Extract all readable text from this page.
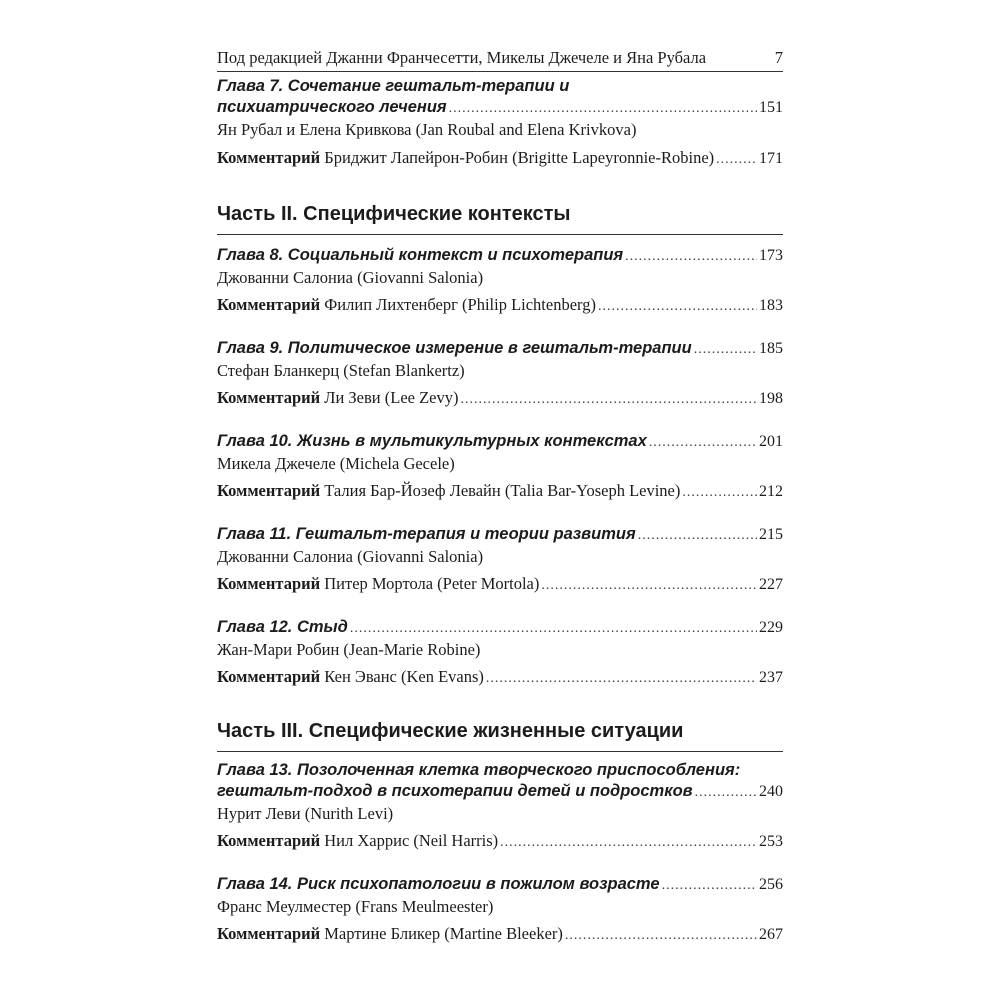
Под редакцией Джанни Франчесетти, Микелы Джечеле и Яна Рубала	7
Глава 7. Сочетание гештальт-терапии и
психиатрического лечения .....	151
Ян Рубал и Елена Кривкова (Jan Roubal and Elena Krivkova)
Комментарий Бриджит Лапейрон-Робин (Brigitte Lapeyronnie-Robine) .....	171
Часть II. Специфические контексты
Глава 8. Социальный контекст и психотерапия .....	173
Джованни Салониа (Giovanni Salonia)
Комментарий Филип Лихтенберг (Philip Lichtenberg) .....	183
Глава 9. Политическое измерение в гештальт-терапии .....	185
Стефан Бланкерц (Stefan Blankertz)
Комментарий Ли Зеви (Lee Zevy) .....	198
Глава 10. Жизнь в мультикультурных контекстах .....	201
Микела Джечеле (Michela Gecele)
Комментарий Талия Бар-Йозеф Левайн (Talia Bar-Yoseph Levine) .....	212
Глава 11. Гештальт-терапия и теории развития .....	215
Джованни Салониа (Giovanni Salonia)
Комментарий Питер Мортола (Peter Mortola) .....	227
Глава 12. Стыд .....	229
Жан-Мари Робин (Jean-Marie Robine)
Комментарий Кен Эванс (Ken Evans) .....	237
Часть III. Специфические жизненные ситуации
Глава 13. Позолоченная клетка творческого приспособления:
гештальт-подход в психотерапии детей и подростков .....	240
Нурит Леви (Nurith Levi)
Комментарий Нил Харрис (Neil Harris) .....	253
Глава 14. Риск психопатологии в пожилом возрасте .....	256
Франс Меулместер (Frans Meulmeester)
Комментарий Мартине Бликер (Martine Bleeker) .....	267
